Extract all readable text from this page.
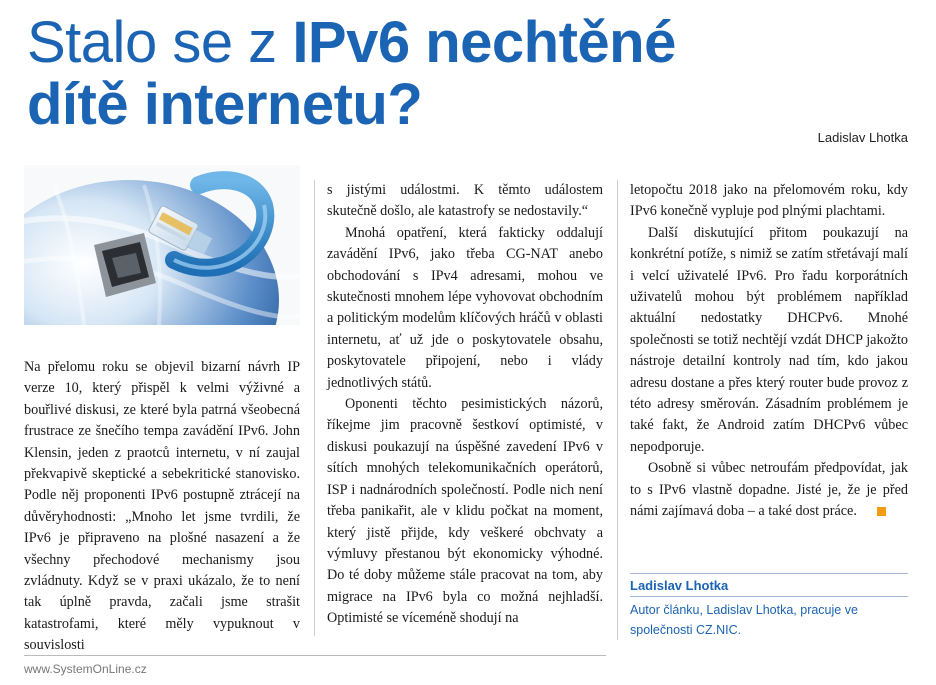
Stalo se z IPv6 nechtěné
dítě internetu?
Ladislav Lhotka

Na přelomu roku se objevil bizarní návrh IP verze 10, který přispěl k velmi výživné a bouřlivé diskusi, ze které byla patrná všeobecná frustrace ze šnečího tempa zavádění IPv6. John Klensin, jeden z praotců internetu, v ní zaujal překvapivě skeptické a sebekritické stanovisko. Podle něj proponenti IPv6 postupně ztrácejí na důvěryhodnosti: „Mnoho let jsme tvrdili, že IPv6 je připraveno na plošné nasazení a že všechny přechodové mechanismy jsou zvládnuty. Když se v praxi ukázalo, že to není tak úplně pravda, začali jsme strašit katastrofami, které měly vypuknout v souvislosti

s jistými událostmi. K těmto událostem skutečně došlo, ale katastrofy se nedostavily.“

Mnohá opatření, která fakticky oddalují zavádění IPv6, jako třeba CG-NAT anebo obchodování s IPv4 adresami, mohou ve skutečnosti mnohem lépe vyhovovat obchodním a politickým modelům klíčových hráčů v oblasti internetu, ať už jde o poskytovatele obsahu, poskytovatele připojení, nebo i vlády jednotlivých států.

Oponenti těchto pesimistických názorů, říkejme jim pracovně šestkoví optimisté, v diskusi poukazují na úspěšné zavedení IPv6 v sítích mnohých telekomunikačních operátorů, ISP i nadnárodních společností. Podle nich není třeba panikařit, ale v klidu počkat na moment, který jistě přijde, kdy veškeré obchvaty a výmluvy přestanou být ekonomicky výhodné. Do té doby můžeme stále pracovat na tom, aby migrace na IPv6 byla co možná nejhladší. Optimisté se víceméně shodují na

letopočtu 2018 jako na přelomovém roku, kdy IPv6 konečně vypluje pod plnými plachtami.

Další diskutující přitom poukazují na konkrétní potíže, s nimiž se zatím střetávají malí i velcí uživatelé IPv6. Pro řadu korporátních uživatelů mohou být problémem například aktuální nedostatky DHCPv6. Mnohé společnosti se totiž nechtějí vzdát DHCP jakožto nástroje detailní kontroly nad tím, kdo jakou adresu dostane a přes který router bude provoz z této adresy směrován. Zásadním problémem je také fakt, že Android zatím DHCPv6 vůbec nepodporuje.

Osobně si vůbec netroufám předpovídat, jak to s IPv6 vlastně dopadne. Jisté je, že je před námi zajímavá doba – a také dost práce.

Ladislav Lhotka
Autor článku, Ladislav Lhotka, pracuje ve společnosti CZ.NIC.
www.SystemOnLine.cz
